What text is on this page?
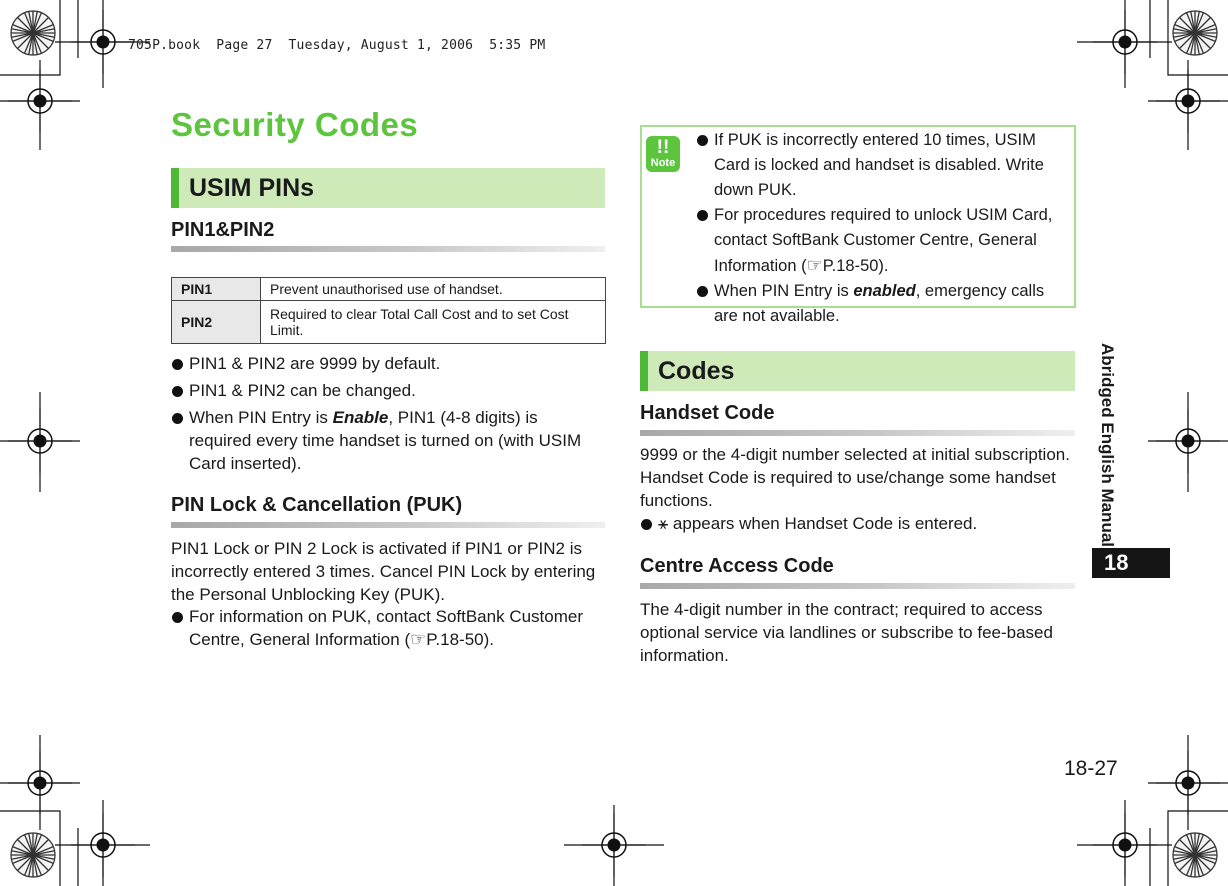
705P.book  Page 27  Tuesday, August 1, 2006  5:35 PM
Security Codes
USIM PINs
PIN1&PIN2
PIN1	Prevent unauthorised use of handset.
PIN2	Required to clear Total Call Cost and to set Cost Limit.
PIN1 & PIN2 are 9999 by default.
PIN1 & PIN2 can be changed.
When PIN Entry is Enable, PIN1 (4-8 digits) is required every time handset is turned on (with USIM Card inserted).
PIN Lock & Cancellation (PUK)
PIN1 Lock or PIN 2 Lock is activated if PIN1 or PIN2 is incorrectly entered 3 times. Cancel PIN Lock by entering the Personal Unblocking Key (PUK).
For information on PUK, contact SoftBank Customer Centre, General Information (☞P.18-50).
!!
Note
If PUK is incorrectly entered 10 times, USIM Card is locked and handset is disabled. Write down PUK.
For procedures required to unlock USIM Card, contact SoftBank Customer Centre, General Information (☞P.18-50).
When PIN Entry is enabled, emergency calls are not available.
Codes
Handset Code
9999 or the 4-digit number selected at initial subscription. Handset Code is required to use/change some handset functions.
⚹ appears when Handset Code is entered.
Centre Access Code
The 4-digit number in the contract; required to access optional service via landlines or subscribe to fee-based information.
Abridged English Manual
18
18-27
